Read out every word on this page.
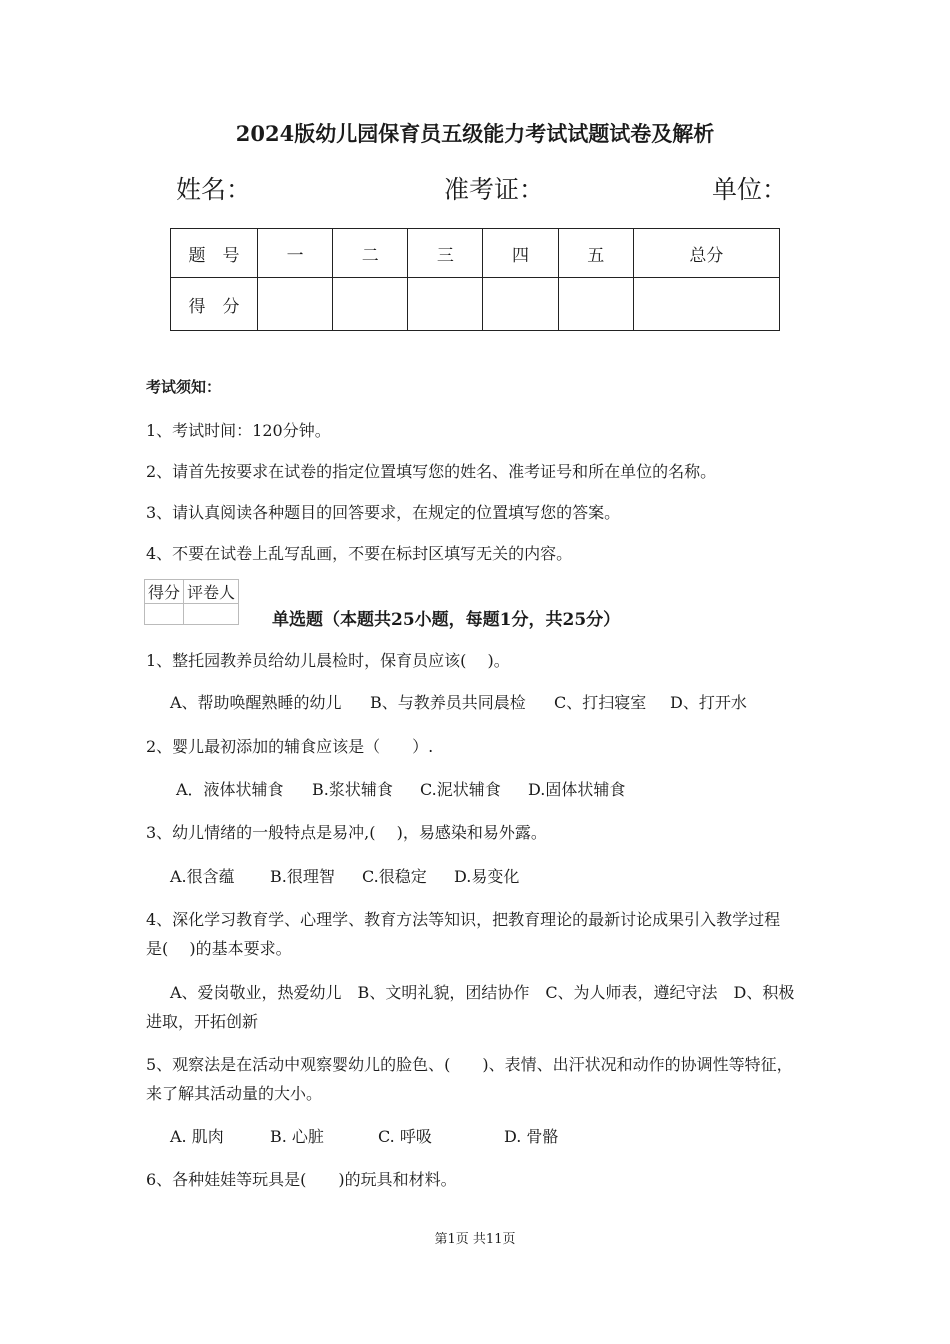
2024版幼儿园保育员五级能力考试试题试卷及解析
姓名：	准考证：	单位：
题　号	一	二	三	四	五	总分
得　分						
考试须知：
1、考试时间：120分钟。
2、请首先按要求在试卷的指定位置填写您的姓名、准考证号和所在单位的名称。
3、请认真阅读各种题目的回答要求，在规定的位置填写您的答案。
4、不要在试卷上乱写乱画，不要在标封区填写无关的内容。
得分	评卷人

单选题（本题共25小题，每题1分，共25分）
1、整托园教养员给幼儿晨检时，保育员应该(　 )。
A、帮助唤醒熟睡的幼儿 B、与教养员共同晨检 C、打扫寝室 D、打开水
2、婴儿最初添加的辅食应该是（　　）.
A．液体状辅食 B.浆状辅食 C.泥状辅食 D.固体状辅食
3、幼儿情绪的一般特点是易冲,(　 )，易感染和易外露。
A.很含蕴 B.很理智 C.很稳定 D.易变化
4、深化学习教育学、心理学、教育方法等知识，把教育理论的最新讨论成果引入教学过程
是(　 )的基本要求。
A、爱岗敬业，热爱幼儿　B、文明礼貌，团结协作　C、为人师表，遵纪守法　D、积极
进取，开拓创新
5、观察法是在活动中观察婴幼儿的脸色、(　　)、表情、出汗状况和动作的协调性等特征，
来了解其活动量的大小。
A. 肌肉	B. 心脏	C. 呼吸	D. 骨骼
6、各种娃娃等玩具是(　　)的玩具和材料。
第1页 共11页
